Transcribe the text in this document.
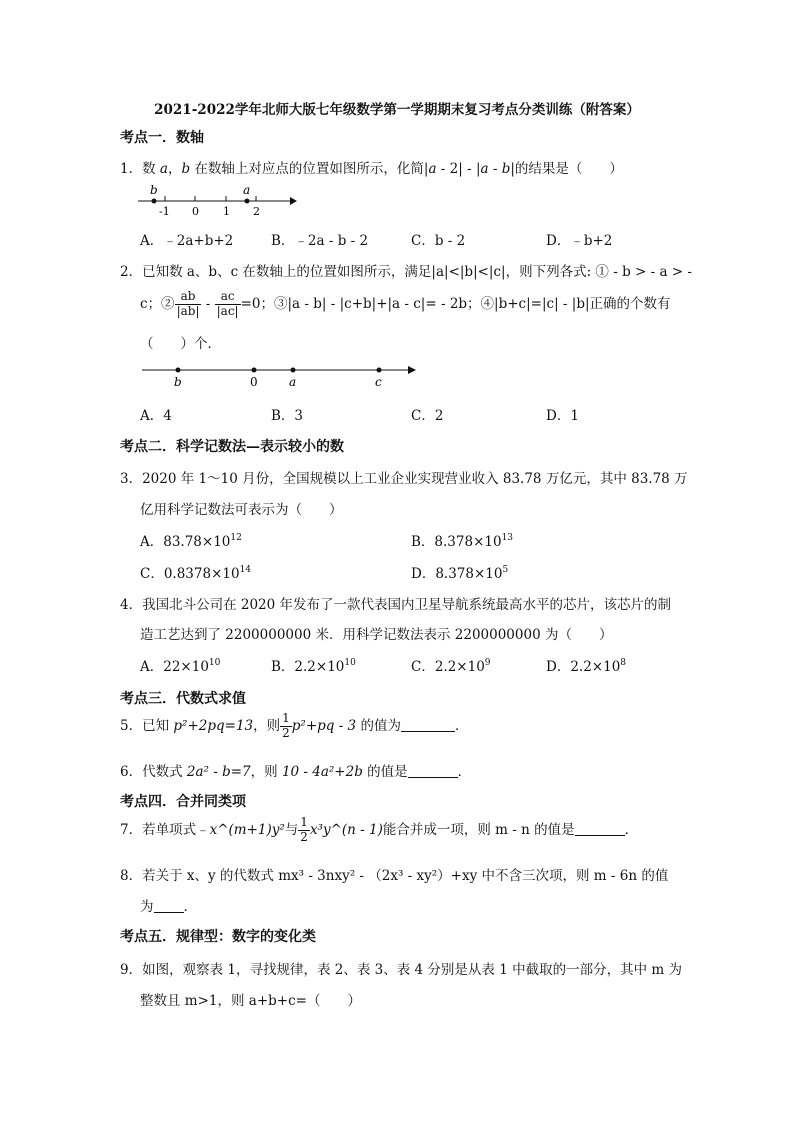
2021-2022学年北师大版七年级数学第一学期期末复习考点分类训练（附答案）
考点一．数轴
1．数 a，b 在数轴上对应点的位置如图所示，化简|a - 2| - |a - b|的结果是（　　）
b	a
-1 0 1 2
A．﹣2a+b+2	B．﹣2a - b - 2	C．b - 2	D．﹣b+2
2．已知数 a、b、c 在数轴上的位置如图所示，满足|a|<|b|<|c|，则下列各式: ① - b > - a > -
c；② $\frac{ab}{|ab|} - \frac{ac}{|ac|} =0$；③|a - b| - |c+b|+|a - c|= - 2b；④|b+c|=|c| - |b|正确的个数有
（　　）个．
b	0	a	c
A．4	B．3	C．2	D．1
考点二．科学记数法—表示较小的数
3．2020 年 1～10 月份，全国规模以上工业企业实现营业收入 83.78 万亿元，其中 83.78 万
亿用科学记数法可表示为（　　）
A．$83.78\times 10^{12}$	B．$8.378\times 10^{13}$
C．$0.8378\times 10^{14}$	D．$8.378\times 10^5$
4．我国北斗公司在 2020 年发布了一款代表国内卫星导航系统最高水平的芯片，该芯片的制
造工艺达到了 2200000000 米．用科学记数法表示 2200000000 为（　　）
A．$22\times 10^{10}$	B．$2.2\times 10^{10}$	C．$2.2\times 10^9$	D．$2.2\times 10^8$
考点三．代数式求值
5．已知 p²+2pq=13，则 $\frac{1}{2} p^2+pq - 3$ 的值为	．
6．代数式 2a² - b=7，则 10 - 4a²+2b 的值是	．
考点四．合并同类项
7．若单项式﹣x^(m+1)y²与 $\frac{1}{2}$ x³y^(n - 1)能合并成一项，则 m - n 的值是	．
8．若关于 x、y 的代数式 mx³ - 3nxy² - （2x³ - xy²）+xy 中不含三次项，则 m - 6n 的值
为 ．
考点五．规律型：数字的变化类
9．如图，观察表 1，寻找规律，表 2、表 3、表 4 分别是从表 1 中截取的一部分，其中 m 为
整数且 m>1，则 a+b+c=（　　）
